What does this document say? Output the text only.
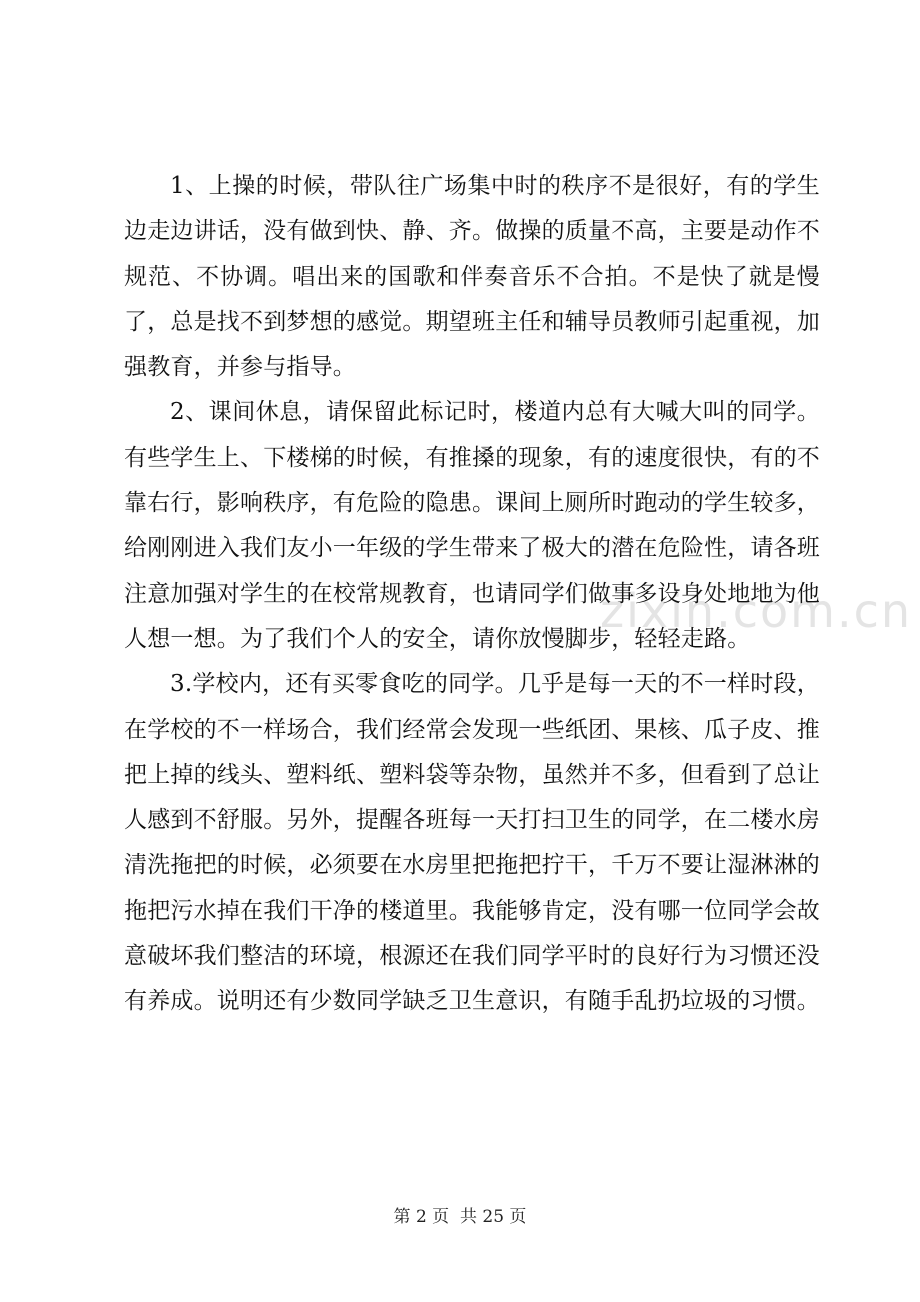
zixin.com.cn

1、上操的时候，带队往广场集中时的秩序不是很好，有的学生边走边讲话，没有做到快、静、齐。做操的质量不高，主要是动作不规范、不协调。唱出来的国歌和伴奏音乐不合拍。不是快了就是慢了，总是找不到梦想的感觉。期望班主任和辅导员教师引起重视，加强教育，并参与指导。

2、课间休息，请保留此标记时，楼道内总有大喊大叫的同学。有些学生上、下楼梯的时候，有推搡的现象，有的速度很快，有的不靠右行，影响秩序，有危险的隐患。课间上厕所时跑动的学生较多，给刚刚进入我们友小一年级的学生带来了极大的潜在危险性，请各班注意加强对学生的在校常规教育，也请同学们做事多设身处地地为他人想一想。为了我们个人的安全，请你放慢脚步，轻轻走路。

3.学校内，还有买零食吃的同学。几乎是每一天的不一样时段，在学校的不一样场合，我们经常会发现一些纸团、果核、瓜子皮、推把上掉的线头、塑料纸、塑料袋等杂物，虽然并不多，但看到了总让人感到不舒服。另外，提醒各班每一天打扫卫生的同学，在二楼水房清洗拖把的时候，必须要在水房里把拖把拧干，千万不要让湿淋淋的拖把污水掉在我们干净的楼道里。我能够肯定，没有哪一位同学会故意破坏我们整洁的环境，根源还在我们同学平时的良好行为习惯还没有养成。说明还有少数同学缺乏卫生意识，有随手乱扔垃圾的习惯。

第 2 页 共 25 页
